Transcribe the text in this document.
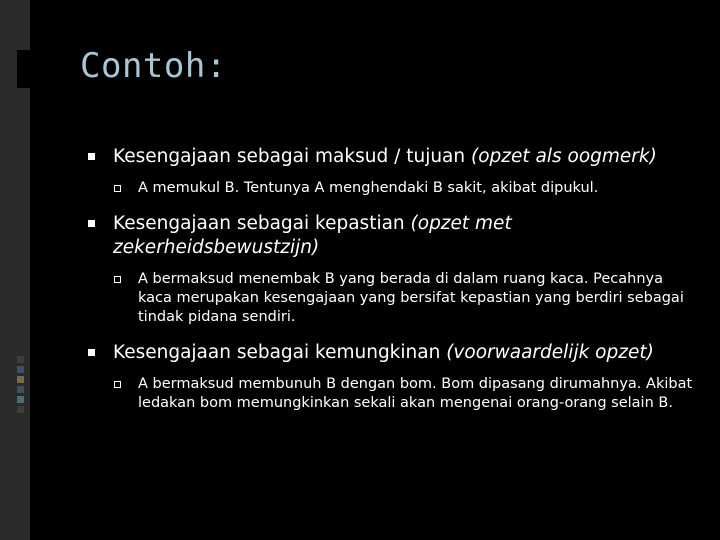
Contoh:
Kesengajaan sebagai maksud / tujuan (opzet als oogmerk)
A memukul B. Tentunya A menghendaki B sakit, akibat dipukul.
Kesengajaan sebagai kepastian (opzet met zekerheidsbewustzijn)
A bermaksud menembak B yang berada di dalam ruang kaca. Pecahnya kaca merupakan kesengajaan yang bersifat kepastian yang berdiri sebagai tindak pidana sendiri.
Kesengajaan sebagai kemungkinan (voorwaardelijk opzet)
A bermaksud membunuh B dengan bom. Bom dipasang dirumahnya. Akibat ledakan bom memungkinkan sekali akan mengenai orang-orang selain B.
